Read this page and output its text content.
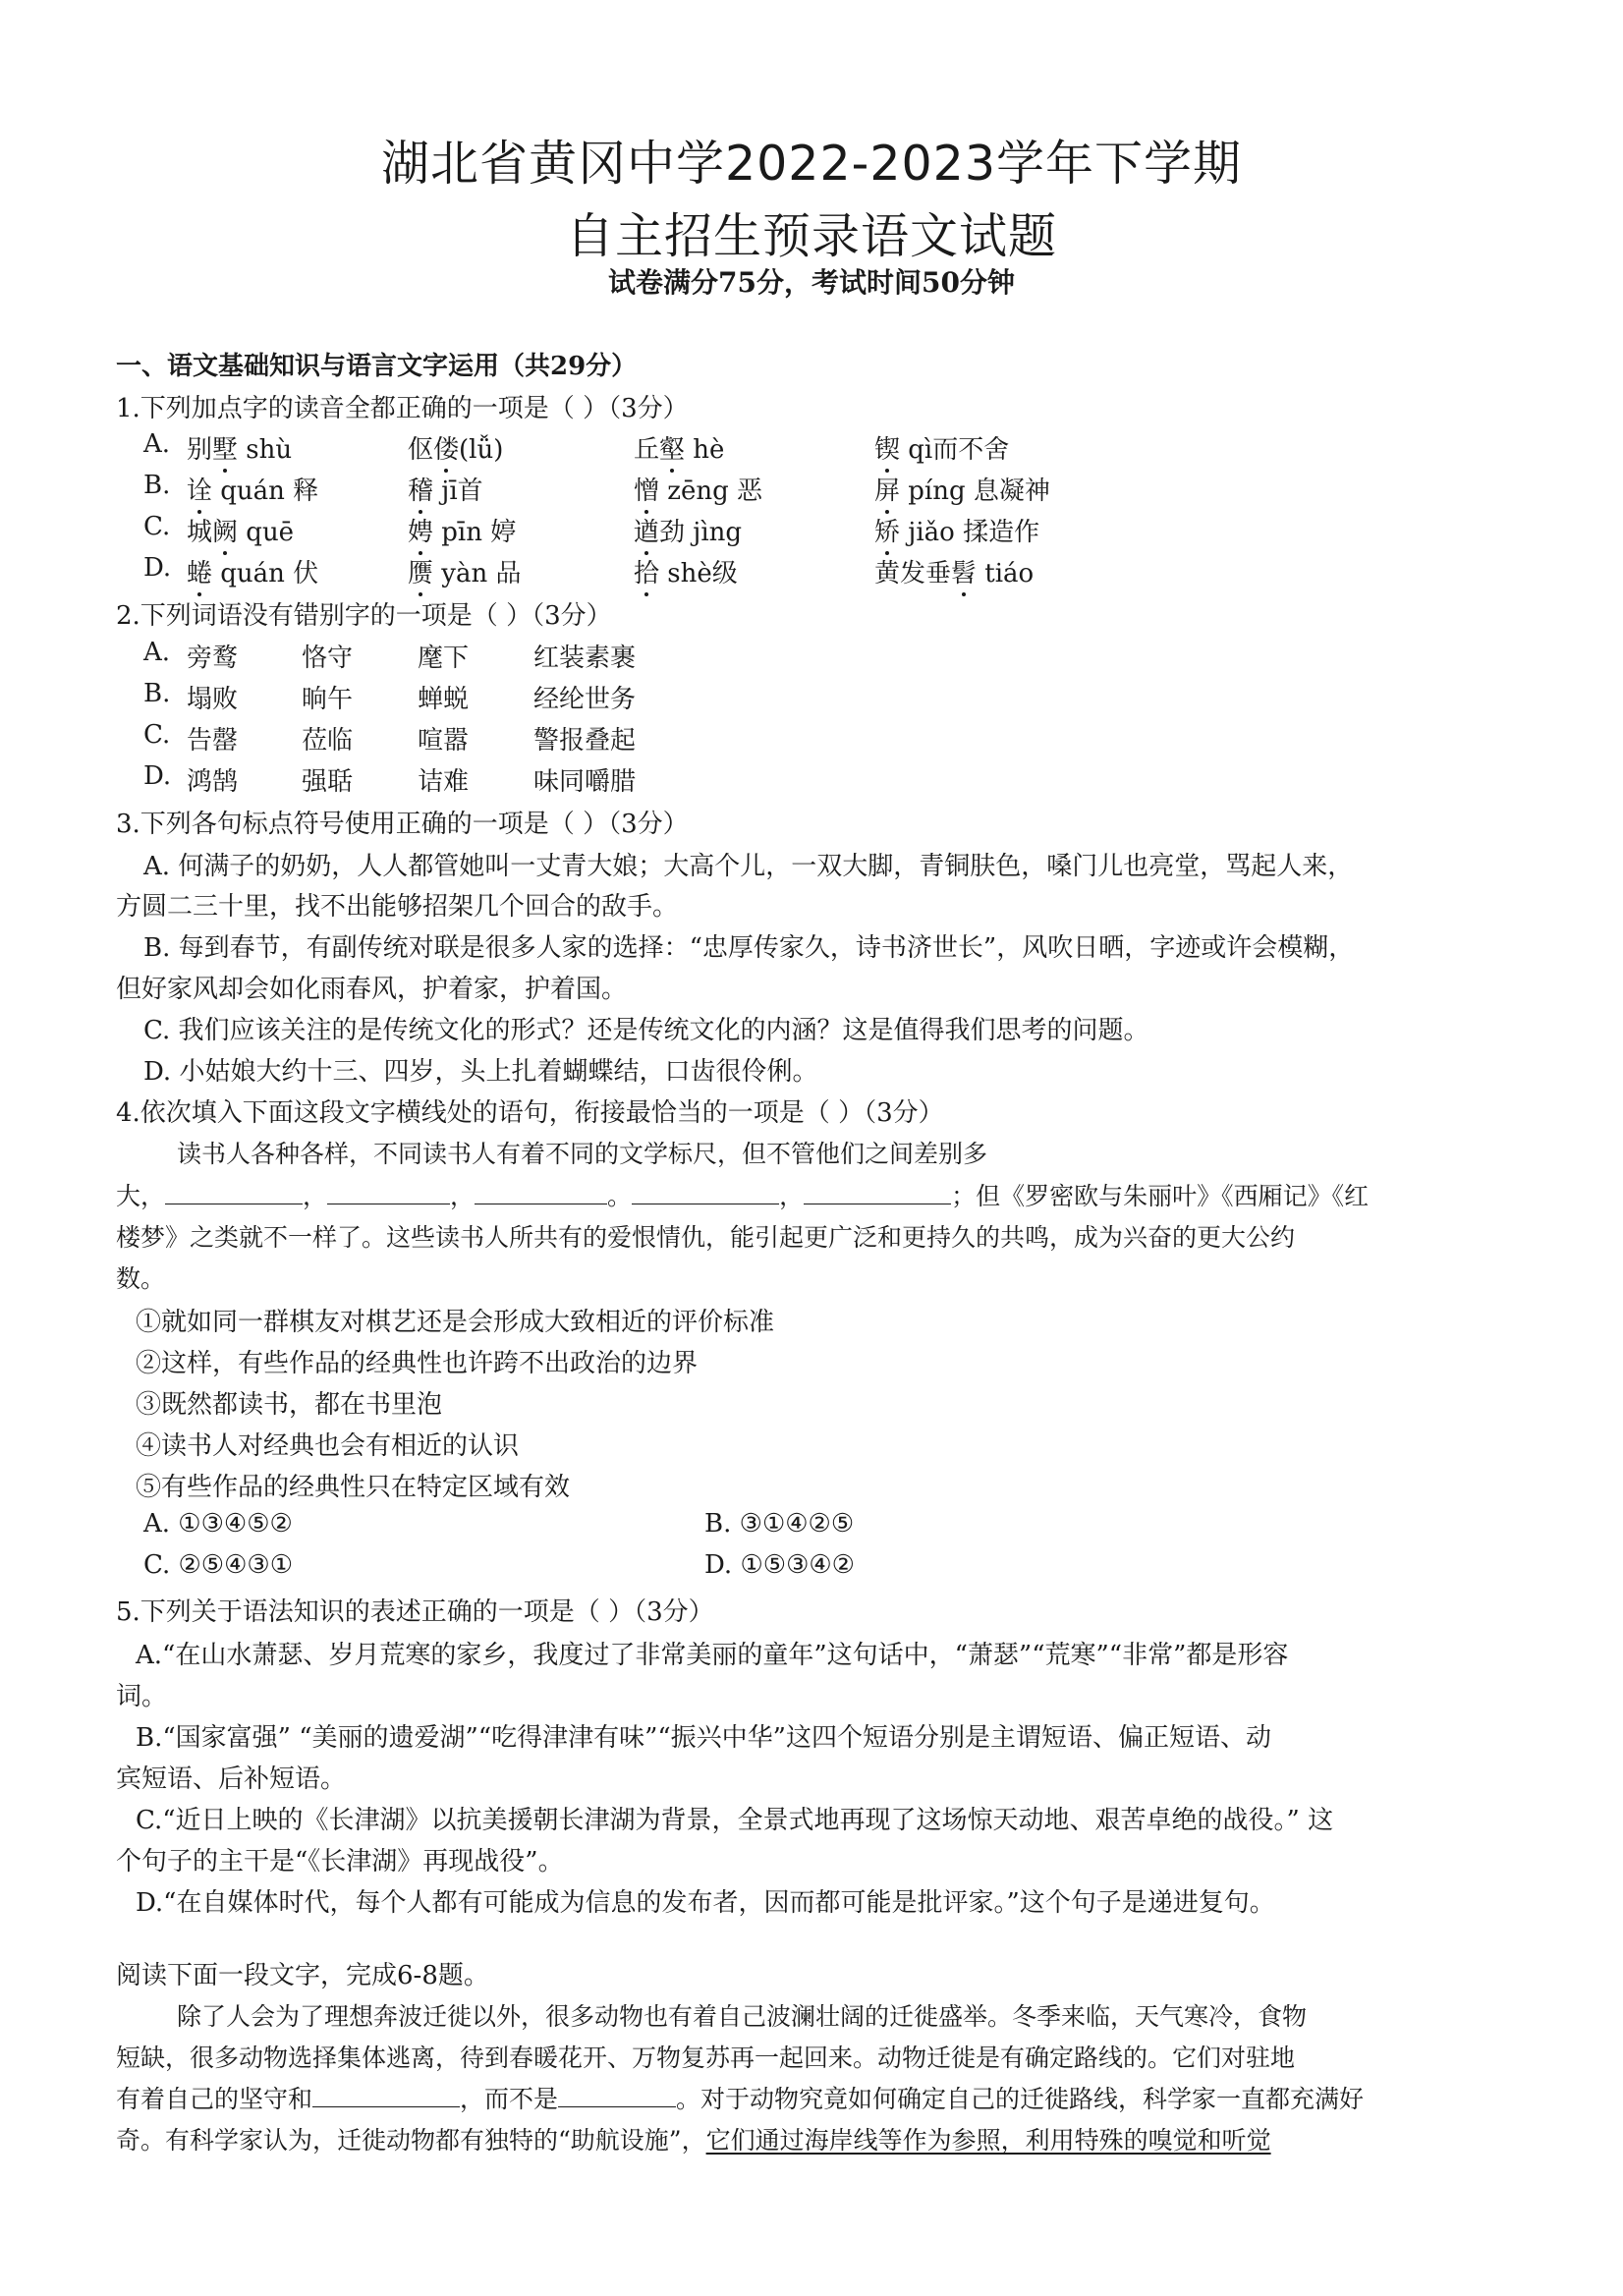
湖北省黄冈中学2022-2023学年下学期
自主招生预录语文试题
试卷满分75分，考试时间50分钟
一、语文基础知识与语言文字运用（共29分）
1.下列加点字的读音全都正确的一项是（ ）（3分）
A. 别墅 shù	伛偻(lǚ)	丘壑 hè	锲 qì而不舍
B. 诠 quán 释	稽 jī首	憎 zēng 恶	屏 píng 息凝神
C. 城阙 quē	娉 pīn 婷	遒劲 jìng	矫 jiǎo 揉造作
D. 蜷 quán 伏	赝 yàn 品	拾 shè级	黄发垂髫 tiáo
2.下列词语没有错别字的一项是（ ）（3分）
A. 旁鹜 恪守	麾下	红装素裹
B. 塌败 晌午	蝉蜕	经纶世务
C. 告罄 莅临	喧嚣	警报叠起
D. 鸿鹄 强聒	诘难	味同嚼腊
3.下列各句标点符号使用正确的一项是（ ）（3分）
A. 何满子的奶奶，人人都管她叫一丈青大娘；大高个儿，一双大脚，青铜肤色，嗓门儿也亮堂，骂起人来，
方圆二三十里，找不出能够招架几个回合的敌手。
B. 每到春节，有副传统对联是很多人家的选择：“忠厚传家久，诗书济世长”，风吹日晒，字迹或许会模糊，
但好家风却会如化雨春风，护着家，护着国。
C. 我们应该关注的是传统文化的形式？还是传统文化的内涵？这是值得我们思考的问题。
D. 小姑娘大约十三、四岁，头上扎着蝴蝶结，口齿很伶俐。
4.依次填入下面这段文字横线处的语句，衔接最恰当的一项是（ ）（3分）
读书人各种各样，不同读书人有着不同的文学标尺，但不管他们之间差别多
大，	，	，	。	，	；但《罗密欧与朱丽叶》《西厢记》《红
楼梦》之类就不一样了。这些读书人所共有的爱恨情仇，能引起更广泛和更持久的共鸣，成为兴奋的更大公约
数。
①就如同一群棋友对棋艺还是会形成大致相近的评价标准
②这样，有些作品的经典性也许跨不出政治的边界
③既然都读书，都在书里泡
④读书人对经典也会有相近的认识
⑤有些作品的经典性只在特定区域有效
A. ①③④⑤②	B. ③①④②⑤
C. ②⑤④③①	D. ①⑤③④②
5.下列关于语法知识的表述正确的一项是（ ）（3分）
A.“在山水萧瑟、岁月荒寒的家乡，我度过了非常美丽的童年”这句话中，“萧瑟”“荒寒”“非常”都是形容
词。
B.“国家富强” “美丽的遗爱湖”“吃得津津有味”“振兴中华”这四个短语分别是主谓短语、偏正短语、动
宾短语、后补短语。
C.“近日上映的《长津湖》以抗美援朝长津湖为背景，全景式地再现了这场惊天动地、艰苦卓绝的战役。” 这
个句子的主干是“《长津湖》再现战役”。
D.“在自媒体时代，每个人都有可能成为信息的发布者，因而都可能是批评家。”这个句子是递进复句。
阅读下面一段文字，完成6-8题。
除了人会为了理想奔波迁徙以外，很多动物也有着自己波澜壮阔的迁徙盛举。冬季来临，天气寒冷，食物
短缺，很多动物选择集体逃离，待到春暖花开、万物复苏再一起回来。动物迁徙是有确定路线的。它们对驻地
有着自己的坚守和	，而不是	。对于动物究竟如何确定自己的迁徙路线，科学家一直都充满好
奇。有科学家认为，迁徙动物都有独特的“助航设施”，它们通过海岸线等作为参照，利用特殊的嗅觉和听觉
